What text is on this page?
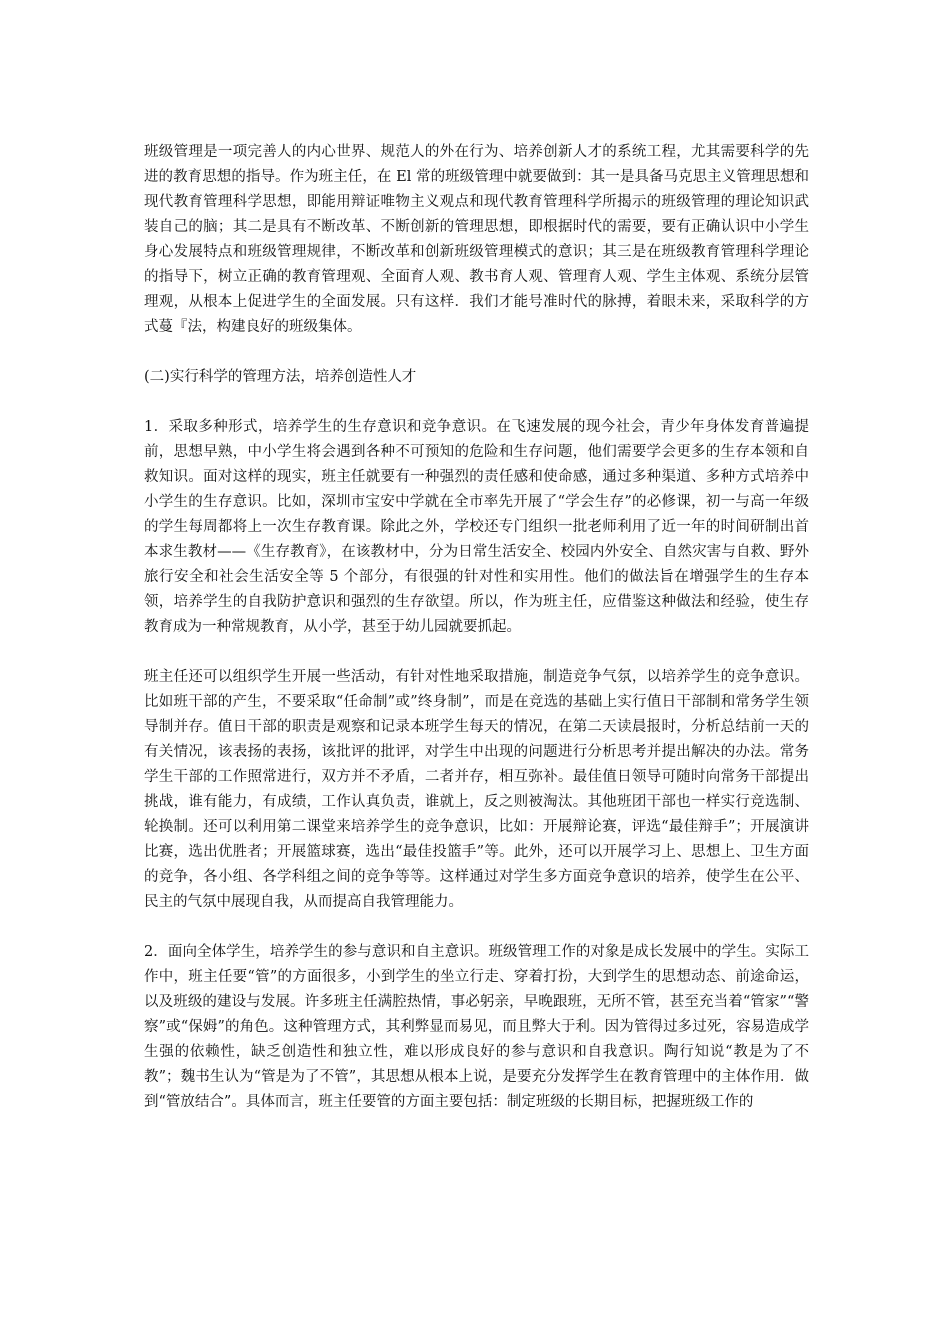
班级管理是一项完善人的内心世界、规范人的外在行为、培养创新人才的系统工程，尤其需要科学的先进的教育思想的指导。作为班主任，在 El 常的班级管理中就要做到：其一是具备马克思主义管理思想和现代教育管理科学思想，即能用辩证唯物主义观点和现代教育管理科学所揭示的班级管理的理论知识武装自己的脑；其二是具有不断改革、不断创新的管理思想，即根据时代的需要，要有正确认识中小学生身心发展特点和班级管理规律，不断改革和创新班级管理模式的意识；其三是在班级教育管理科学理论的指导下，树立正确的教育管理观、全面育人观、教书育人观、管理育人观、学生主体观、系统分层管理观，从根本上促进学生的全面发展。只有这样．我们才能号准时代的脉搏，着眼未来，采取科学的方式蔓『法，构建良好的班级集体。

(二)实行科学的管理方法，培养创造性人才

1．采取多种形式，培养学生的生存意识和竞争意识。在飞速发展的现今社会，青少年身体发育普遍提前，思想早熟，中小学生将会遇到各种不可预知的危险和生存问题，他们需要学会更多的生存本领和自救知识。面对这样的现实，班主任就要有一种强烈的责任感和使命感，通过多种渠道、多种方式培养中小学生的生存意识。比如，深圳市宝安中学就在全市率先开展了“学会生存”的必修课，初一与高一年级的学生每周都将上一次生存教育课。除此之外，学校还专门组织一批老师利用了近一年的时间研制出首本求生教材——《生存教育》，在该教材中，分为日常生活安全、校园内外安全、自然灾害与自救、野外旅行安全和社会生活安全等 5 个部分，有很强的针对性和实用性。他们的做法旨在增强学生的生存本领，培养学生的自我防护意识和强烈的生存欲望。所以，作为班主任，应借鉴这种做法和经验，使生存教育成为一种常规教育，从小学，甚至于幼儿园就要抓起。

班主任还可以组织学生开展一些活动，有针对性地采取措施，制造竞争气氛，以培养学生的竞争意识。比如班干部的产生，不要采取“任命制”或”终身制”，而是在竞选的基础上实行值日干部制和常务学生领导制并存。值日干部的职责是观察和记录本班学生每天的情况，在第二天读晨报时，分析总结前一天的有关情况，该表扬的表扬，该批评的批评，对学生中出现的问题进行分析思考并提出解决的办法。常务学生干部的工作照常进行，双方并不矛盾，二者并存，相互弥补。最佳值日领导可随时向常务干部提出挑战，谁有能力，有成绩，工作认真负责，谁就上，反之则被淘汰。其他班团干部也一样实行竞选制、轮换制。还可以利用第二课堂来培养学生的竞争意识，比如：开展辩论赛，评选“最佳辩手”；开展演讲比赛，选出优胜者；开展篮球赛，选出“最佳投篮手”等。此外，还可以开展学习上、思想上、卫生方面的竞争，各小组、各学科组之间的竞争等等。这样通过对学生多方面竞争意识的培养，使学生在公平、民主的气氛中展现自我，从而提高自我管理能力。

2．面向全体学生，培养学生的参与意识和自主意识。班级管理工作的对象是成长发展中的学生。实际工作中，班主任要“管”的方面很多，小到学生的坐立行走、穿着打扮，大到学生的思想动态、前途命运，以及班级的建设与发展。许多班主任满腔热情，事必躬亲，早晚跟班，无所不管，甚至充当着“管家”“警察”或“保姆”的角色。这种管理方式，其利弊显而易见，而且弊大于利。因为管得过多过死，容易造成学生强的依赖性，缺乏创造性和独立性，难以形成良好的参与意识和自我意识。陶行知说“教是为了不教”；魏书生认为“管是为了不管”，其思想从根本上说，是要充分发挥学生在教育管理中的主体作用．做到“管放结合”。具体而言，班主任要管的方面主要包括：制定班级的长期目标，把握班级工作的
